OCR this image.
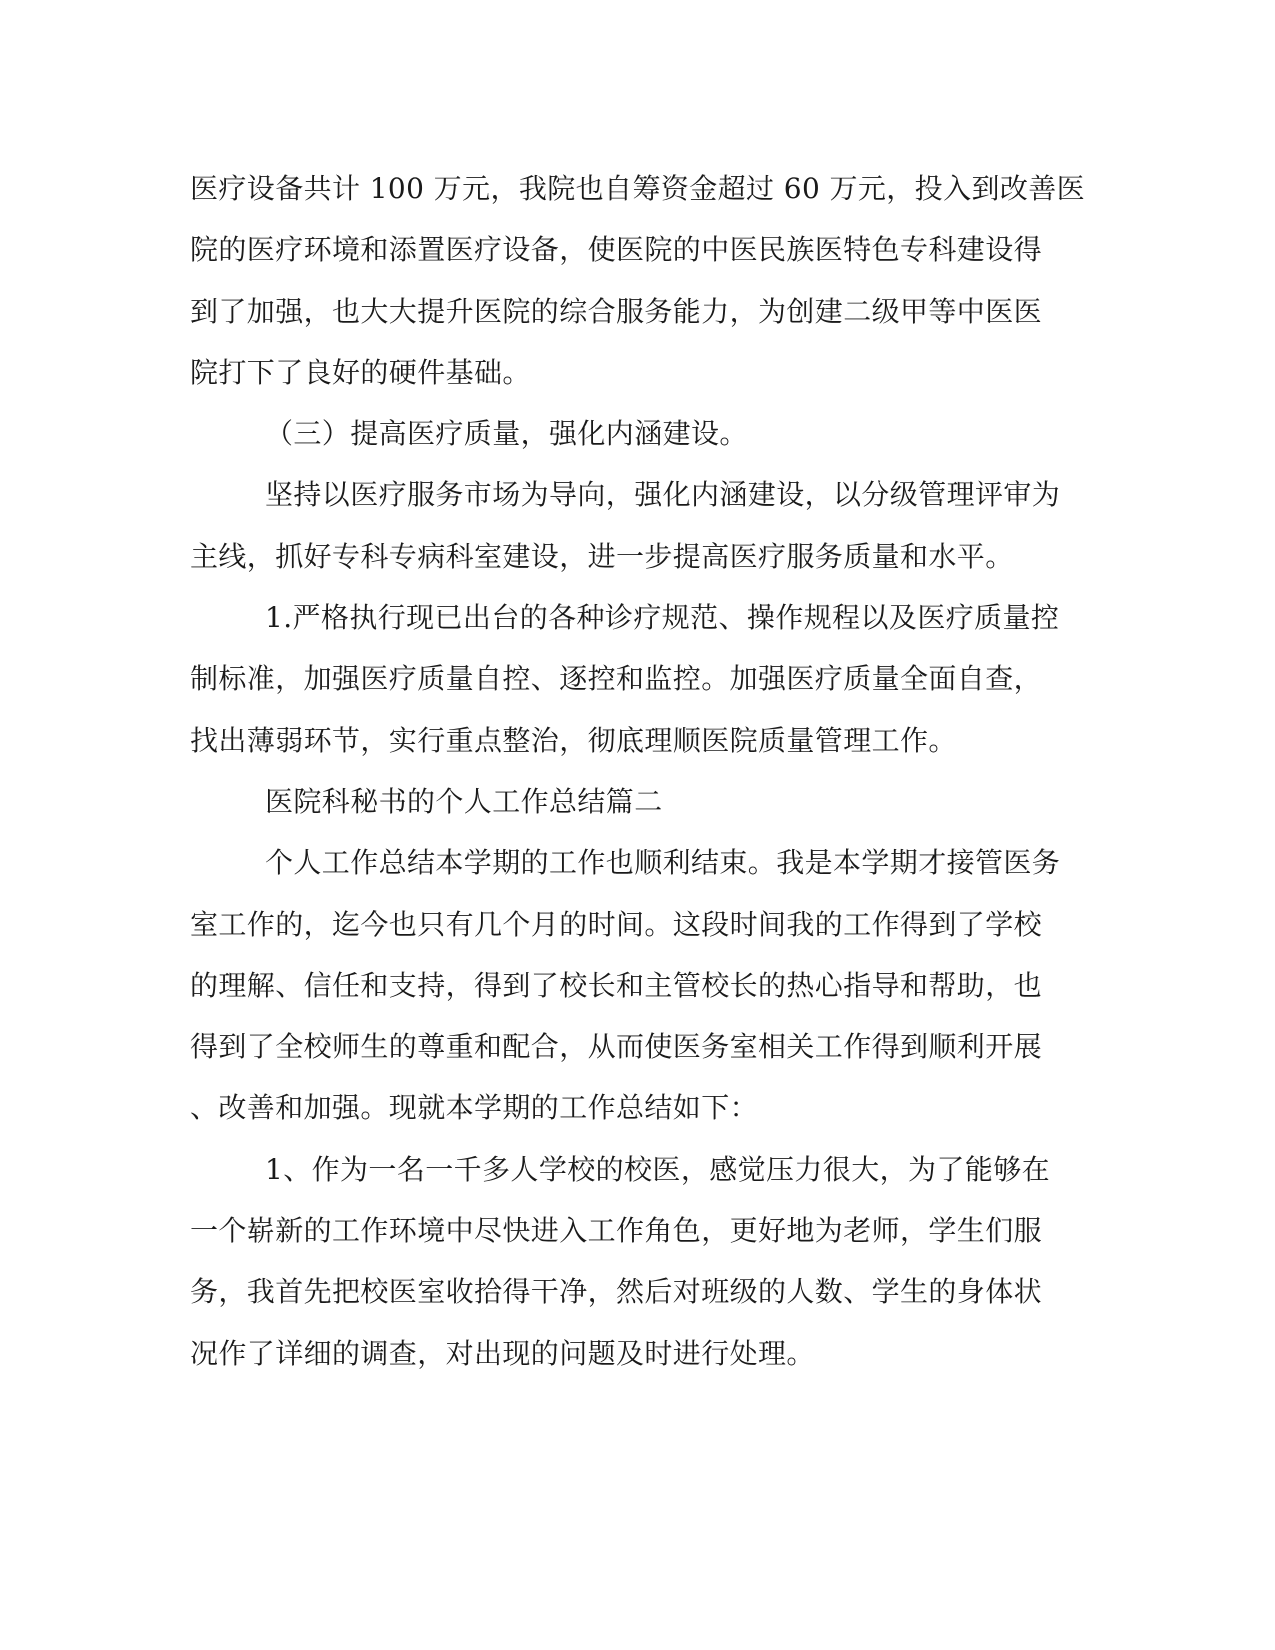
医疗设备共计 100 万元，我院也自筹资金超过 60 万元，投入到改善医
院的医疗环境和添置医疗设备，使医院的中医民族医特色专科建设得
到了加强，也大大提升医院的综合服务能力，为创建二级甲等中医医
院打下了良好的硬件基础。
（三）提高医疗质量，强化内涵建设。
坚持以医疗服务市场为导向，强化内涵建设，以分级管理评审为
主线，抓好专科专病科室建设，进一步提高医疗服务质量和水平。
1.严格执行现已出台的各种诊疗规范、操作规程以及医疗质量控
制标准，加强医疗质量自控、逐控和监控。加强医疗质量全面自查，
找出薄弱环节，实行重点整治，彻底理顺医院质量管理工作。
医院科秘书的个人工作总结篇二
个人工作总结本学期的工作也顺利结束。我是本学期才接管医务
室工作的，迄今也只有几个月的时间。这段时间我的工作得到了学校
的理解、信任和支持，得到了校长和主管校长的热心指导和帮助，也
得到了全校师生的尊重和配合，从而使医务室相关工作得到顺利开展
、改善和加强。现就本学期的工作总结如下：
1、作为一名一千多人学校的校医，感觉压力很大，为了能够在
一个崭新的工作环境中尽快进入工作角色，更好地为老师，学生们服
务，我首先把校医室收拾得干净，然后对班级的人数、学生的身体状
况作了详细的调查，对出现的问题及时进行处理。
